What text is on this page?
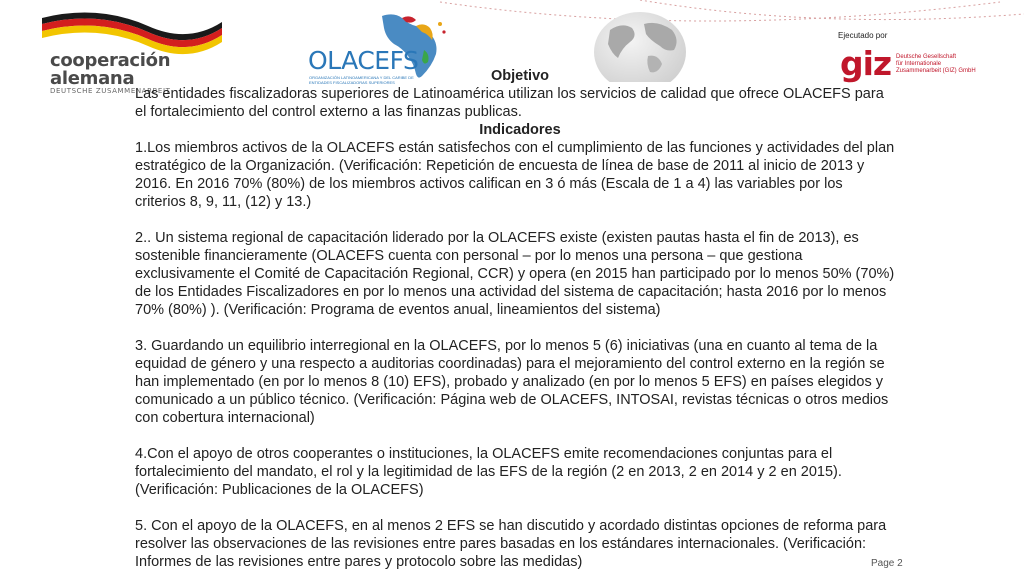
cooperación
alemana
DEUTSCHE ZUSAMMENARBEIT
OLACEFS
ORGANIZACIÓN LATINOAMERICANA Y DEL CARIBE DE ENTIDADES FISCALIZADORAS SUPERIORES
Ejecutado por
giz Deutsche Gesellschaft
für Internationale
Zusammenarbeit (GIZ) GmbH
Objetivo

Las entidades fiscalizadoras superiores de Latinoamérica utilizan los servicios de calidad que ofrece OLACEFS para el fortalecimiento del control externo a las finanzas publicas.

Indicadores

1.Los miembros activos de la OLACEFS están satisfechos con el cumplimiento de las funciones y actividades del plan estratégico de la Organización. (Verificación: Repetición de encuesta de línea de base de 2011 al inicio de 2013 y 2016. En 2016 70% (80%) de los miembros activos califican en 3 ó más (Escala de 1 a 4) las variables por los criterios 8, 9, 11, (12) y 13.)

2.. Un sistema regional de capacitación liderado por la OLACEFS existe (existen pautas hasta el fin de 2013), es sostenible financieramente (OLACEFS cuenta con personal – por lo menos una persona – que gestiona exclusivamente el Comité de Capacitación Regional, CCR) y opera (en 2015 han participado por lo menos 50% (70%) de los Entidades Fiscalizadores en por lo menos una actividad del sistema de capacitación; hasta 2016 por lo menos 70% (80%) ). (Verificación: Programa de eventos anual, lineamientos del sistema)

3. Guardando un equilibrio interregional en la OLACEFS, por lo menos 5 (6) iniciativas (una en cuanto al tema de la equidad de género y una respecto a auditorias coordinadas) para el mejoramiento del control externo en la región se han implementado (en por lo menos 8 (10) EFS), probado y analizado (en por lo menos 5 EFS) en países elegidos y comunicado a un público técnico. (Verificación: Página web de OLACEFS, INTOSAI, revistas técnicas o otros medios con cobertura internacional)

4.Con el apoyo de otros cooperantes o instituciones, la OLACEFS emite recomendaciones conjuntas para el fortalecimiento del mandato, el rol y la legitimidad de las EFS de la región (2 en 2013, 2 en 2014 y 2 en 2015). (Verificación: Publicaciones de la OLACEFS)

5. Con el apoyo de la OLACEFS, en al menos 2 EFS se han discutido y acordado distintas opciones de reforma para resolver las observaciones de las revisiones entre pares basadas en los estándares internacionales. (Verificación: Informes de las revisiones entre pares y protocolo sobre las medidas)	Page 2
